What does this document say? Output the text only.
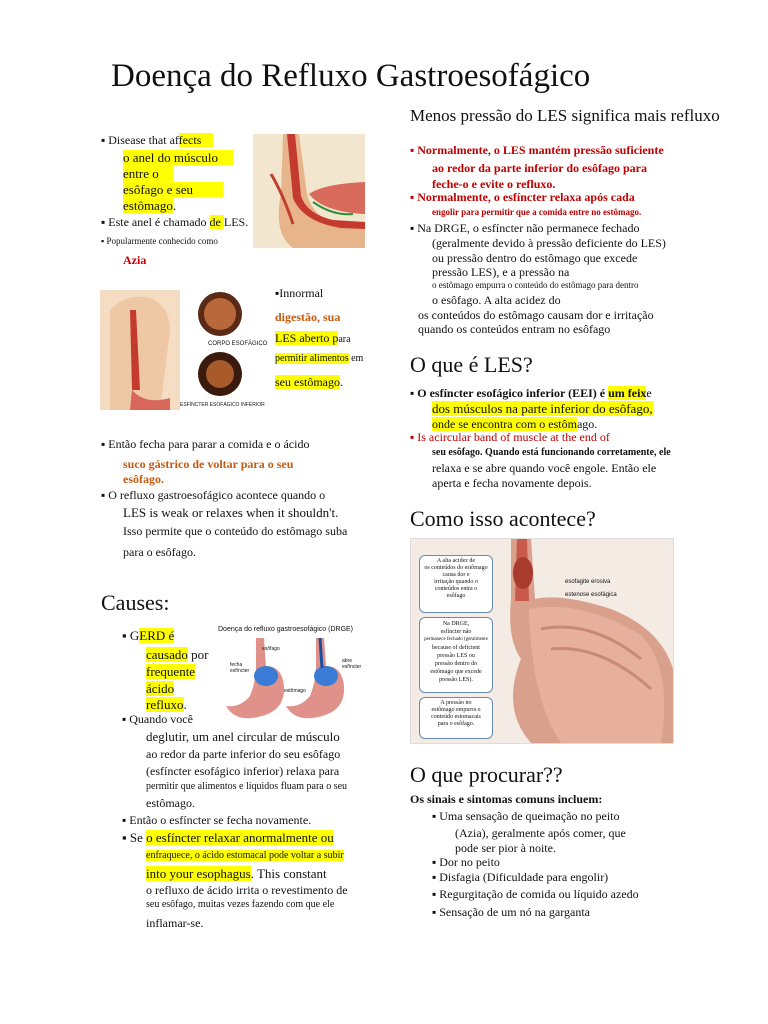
Doença do Refluxo Gastroesofágico
▪ Disease that affects
o anel do músculo
entre o
esôfago e seu
estômago.
▪ Este anel é chamado de LES.
▪ Popularmente conhecido como
Azia
CORPO ESOFÁGICO
ESFÍNCTER ESOFÁGICO INFERIOR
▪Innormal
digestão, sua
LES aberto para
permitir alimentos em
seu estômago.
▪ Então fecha para parar a comida e o ácido
suco gástrico de voltar para o seu
esôfago.
▪ O refluxo gastroesofágico acontece quando o
LES is weak or relaxes when it shouldn't.
Isso permite que o conteúdo do estômago suba
para o esôfago.
Causes:
▪ GERD é
causado por
frequente
ácido
refluxo.
Doença do refluxo gastroesofágico (DRGE)
esôfago
abre esfíncter
fecha esfíncter
estômago
▪ Quando você
deglutir, um anel circular de músculo
ao redor da parte inferior do seu esôfago
(esfíncter esofágico inferior) relaxa para
permitir que alimentos e líquidos fluam para o seu
estômago.
▪ Então o esfíncter se fecha novamente.
▪ Se o esfíncter relaxar anormalmente ou
enfraquece, o ácido estomacal pode voltar a subir
into your esophagus. This constant
o refluxo de ácido irrita o revestimento de
seu esôfago, muitas vezes fazendo com que ele
inflamar-se.
Menos pressão do LES significa mais refluxo
▪ Normalmente, o LES mantém pressão suficiente
ao redor da parte inferior do esôfago para
feche-o e evite o refluxo.
▪ Normalmente, o esfíncter relaxa após cada
engolir para permitir que a comida entre no estômago.
▪ Na DRGE, o esfíncter não permanece fechado
(geralmente devido à pressão deficiente do LES)
ou pressão dentro do estômago que excede
pressão LES), e a pressão na
o estômago empurra o conteúdo do estômago para dentro
o esôfago. A alta acidez do
os conteúdos do estômago causam dor e irritação
quando os conteúdos entram no esôfago
O que é LES?
▪ O esfíncter esofágico inferior (EEI) é um feixe
dos músculos na parte inferior do esôfago,
onde se encontra com o estômago.
▪ Is acircular band of muscle at the end of
seu esôfago. Quando está funcionando corretamente, ele
relaxa e se abre quando você engole. Então ele
aperta e fecha novamente depois.
Como isso acontece?
A alta acidez de
os conteúdos do estômago
causa dor e
irritação quando o
conteúdos entra o
esôfago
Na DRGE,
esfíncter não
permanece fechado (geralmente
because of deficient
pressão LES ou
pressão dentro do
estômago que excede
pressão LES).
A pressão no
estômago empurra o
conteúdo estomacais
para o esôfago.
esofagite erosiva
estenose esofágica
O que procurar??
Os sinais e sintomas comuns incluem:
▪ Uma sensação de queimação no peito
(Azia), geralmente após comer, que
pode ser pior à noite.
▪ Dor no peito
▪ Disfagia (Dificuldade para engolir)
▪ Regurgitação de comida ou líquido azedo
▪ Sensação de um nó na garganta
